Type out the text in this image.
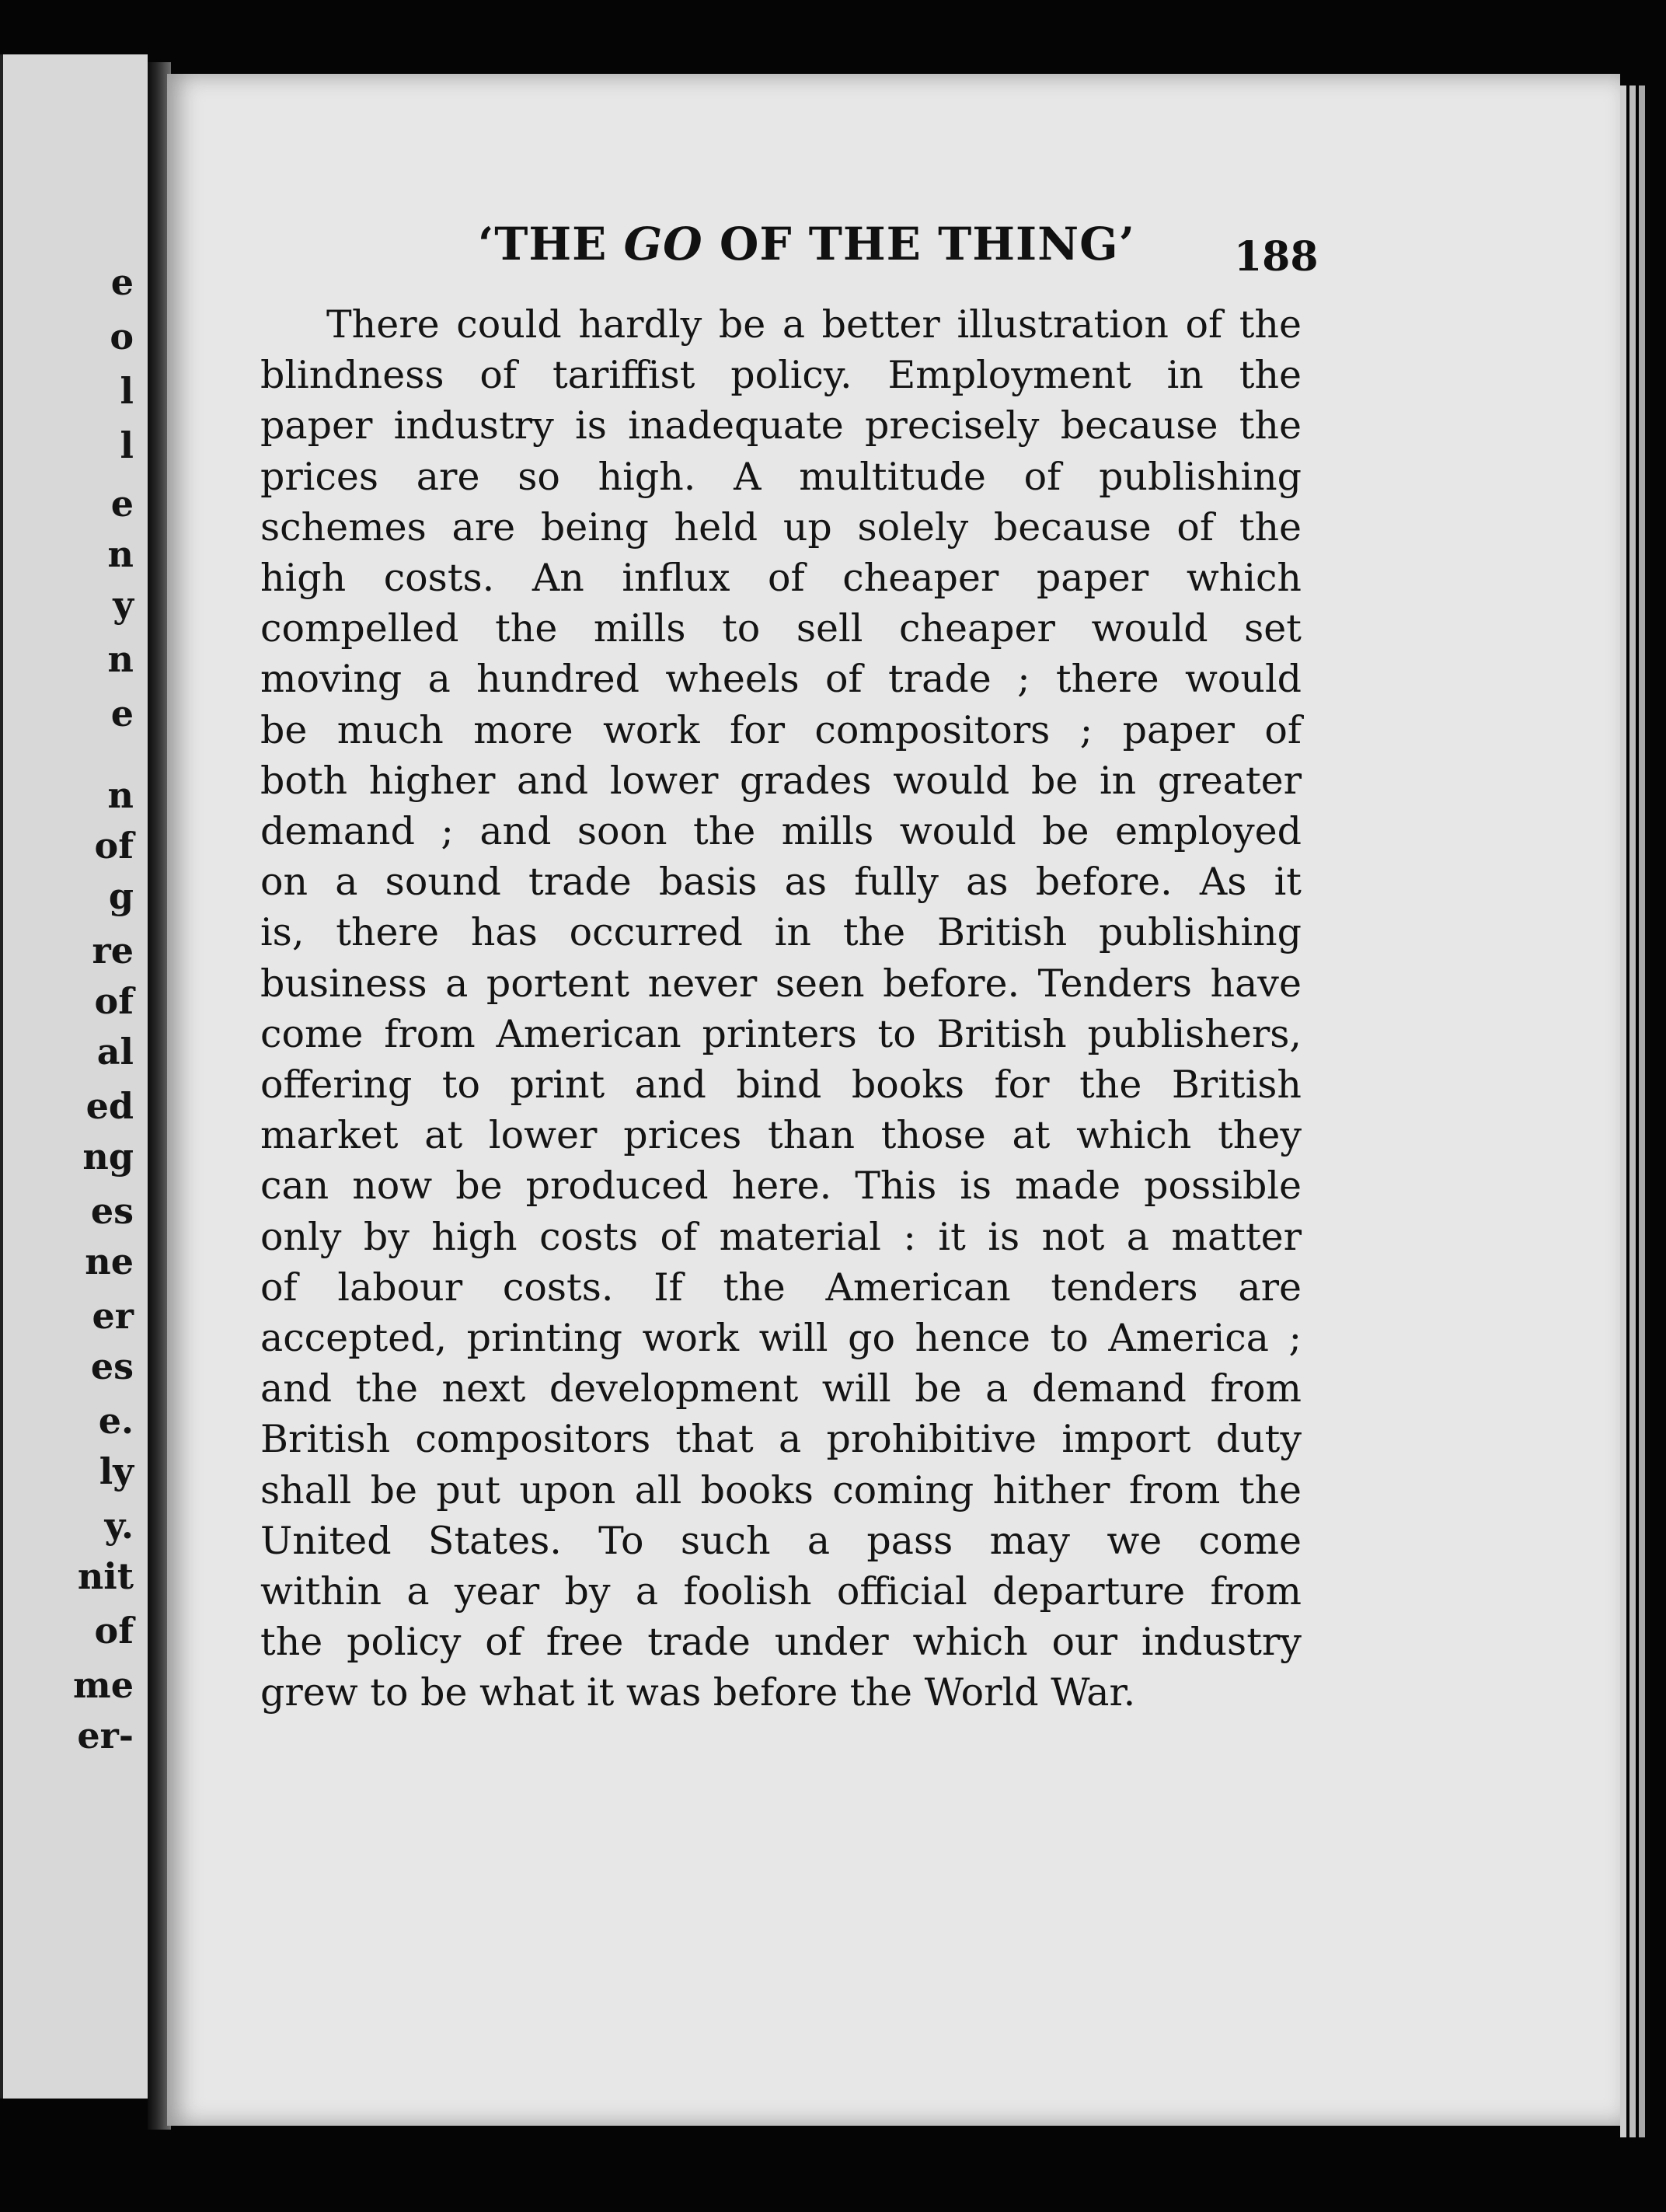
e
o
l
l
e
n
y
n
e
n
of
g
re
of
al
ed
ng
es
ne
er
es
e.
ly
y.
nit
of
me
er-
‘THE GO OF THE THING’ 188
There could hardly be a better illustration of the
blindness of tariffist policy. Employment in the
paper industry is inadequate precisely because the
prices are so high. A multitude of publishing
schemes are being held up solely because of the
high costs. An influx of cheaper paper which
compelled the mills to sell cheaper would set
moving a hundred wheels of trade ; there would
be much more work for compositors ; paper of
both higher and lower grades would be in greater
demand ; and soon the mills would be employed
on a sound trade basis as fully as before. As it
is, there has occurred in the British publishing
business a portent never seen before. Tenders have
come from American printers to British publishers,
offering to print and bind books for the British
market at lower prices than those at which they
can now be produced here. This is made possible
only by high costs of material : it is not a matter
of labour costs. If the American tenders are
accepted, printing work will go hence to America ;
and the next development will be a demand from
British compositors that a prohibitive import duty
shall be put upon all books coming hither from the
United States. To such a pass may we come
within a year by a foolish official departure from
the policy of free trade under which our industry
grew to be what it was before the World War.
